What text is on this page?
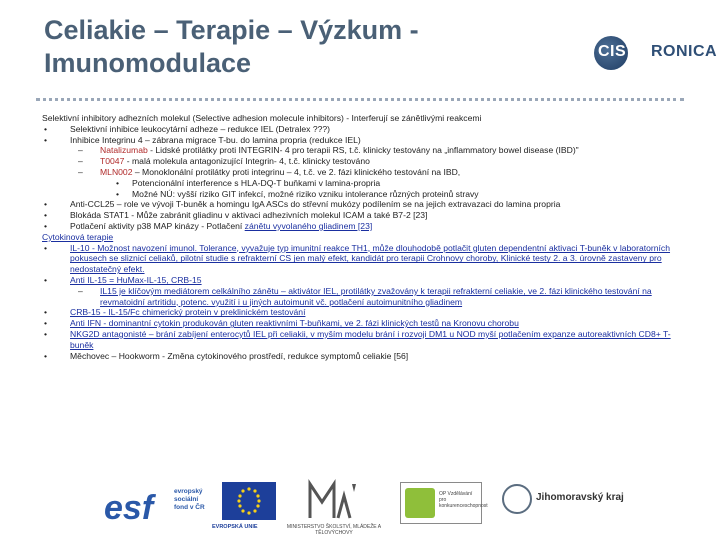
Celiakie – Terapie – Výzkum - Imunomodulace	CIST RONICA
Selektivní inhibitory adhezních molekul (Selective adhesion molecule inhibitors) - Interferují se zánětlivými reakcemi
•	Selektivní inhibice leukocytární adheze – redukce IEL (Detralex ???)
•	Inhibice Integrinu 4 – zábrana migrace T-bu. do lamina propria (redukce IEL)
– Natalizumab - Lidské protilátky proti INTEGRIN- 4 pro terapii RS, t.č. klinicky testovány na „inflammatory bowel disease (IBD)"
– T0047 - malá molekula antagonizující Integrin- 4, t.č. klinicky testováno
– MLN002 – Monoklonální protilátky proti integrinu – 4, t.č. ve 2. fázi klinického testování na IBD,
• Potencionální interference s HLA-DQ-T buňkami v lamina-propria
• Možné NÚ: vyšší riziko GIT infekcí, možné riziko vzniku intolerance různých proteinů stravy
•	Anti-CCL25 – role ve vývoji T-buněk a homingu IgA ASCs do střevní mukózy podílením se na jejich extravazaci do lamina propria
•	Blokáda STAT1 - Může zabránit gliadinu v aktivaci adhezivních molekul ICAM a také B7-2 [23]
•	Potlačení aktivity p38 MAP kinázy - Potlačení zánětu vyvolaného gliadinem [23]
Cytokinová terapie
•	IL-10 - Možnost navození imunol. Tolerance, vyvažuje typ imunitní reakce TH1, může dlouhodobě potlačit gluten dependentní aktivaci T-buněk v laboratorních pokusech se sliznicí celiaků, pilotní studie s refrakterní CS jen malý efekt, kandidát pro terapii Crohnovy choroby, Klinické testy 2. a 3. úrovně zastaveny pro nedostatečný efekt.
•	Anti IL-15 = HuMax-IL-15, CRB-15
– IL15 je klíčovým mediátorem celkálního zánětu – aktivátor IEL, protilátky zvažovány k terapii refrakterní celiakie, ve 2. fázi klinického testování na revmatoidní artritidu, potenc. využití i u jiných autoimunit vč. potlačení autoimunitního gliadinem
•	CRB-15 - IL-15/Fc chimerický protein v preklinickém testování
•	Anti IFN - dominantní cytokin produkován gluten reaktivními T-buňkami, ve 2. fázi klinických testů na Kronovu chorobu
•	NKG2D antagonisté – brání zabíjení enterocytů IEL při celiakii, v myším modelu brání i rozvoji DM1 u NOD myší potlačením expanze autoreaktivních CD8+ T-buněk
•	Měchovec – Hookworm - Změna cytokinového prostředí, redukce symptomů celiakie [56]
esf	evropský
sociální
fond v ČR
EVROPSKÁ UNIE	MINISTERSTVO ŠKOLSTVÍ, MLÁDEŽE A TĚLOVÝCHOVY
OP Vzdělávání
pro konkurenceschopnost
Jihomoravský kraj
